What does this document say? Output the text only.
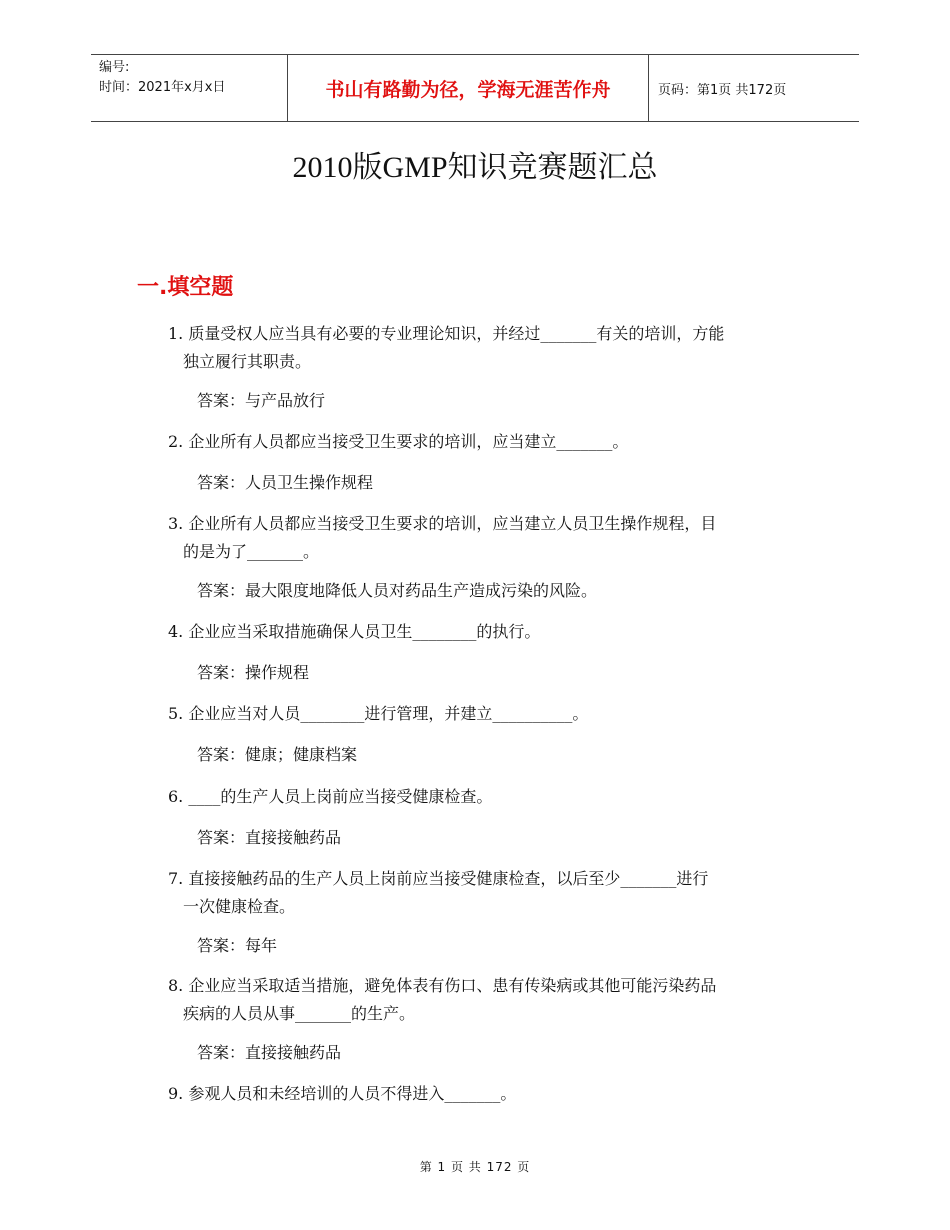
编号:
时间：2021年x月x日	书山有路勤为径，学海无涯苦作舟	页码：第1页 共172页
2010版GMP知识竞赛题汇总
一.填空题
1. 质量受权人应当具有必要的专业理论知识，并经过_______有关的培训，方能
独立履行其职责。
答案：与产品放行
2. 企业所有人员都应当接受卫生要求的培训，应当建立_______。
答案：人员卫生操作规程
3. 企业所有人员都应当接受卫生要求的培训，应当建立人员卫生操作规程，目
的是为了_______。
答案：最大限度地降低人员对药品生产造成污染的风险。
4. 企业应当采取措施确保人员卫生________的执行。
答案：操作规程
5. 企业应当对人员________进行管理，并建立__________。
答案：健康；健康档案
6. ____的生产人员上岗前应当接受健康检查。
答案：直接接触药品
7. 直接接触药品的生产人员上岗前应当接受健康检查，以后至少_______进行
一次健康检查。
答案：每年
8. 企业应当采取适当措施，避免体表有伤口、患有传染病或其他可能污染药品
疾病的人员从事_______的生产。
答案：直接接触药品
9. 参观人员和未经培训的人员不得进入_______。
第 1 页 共 172 页
